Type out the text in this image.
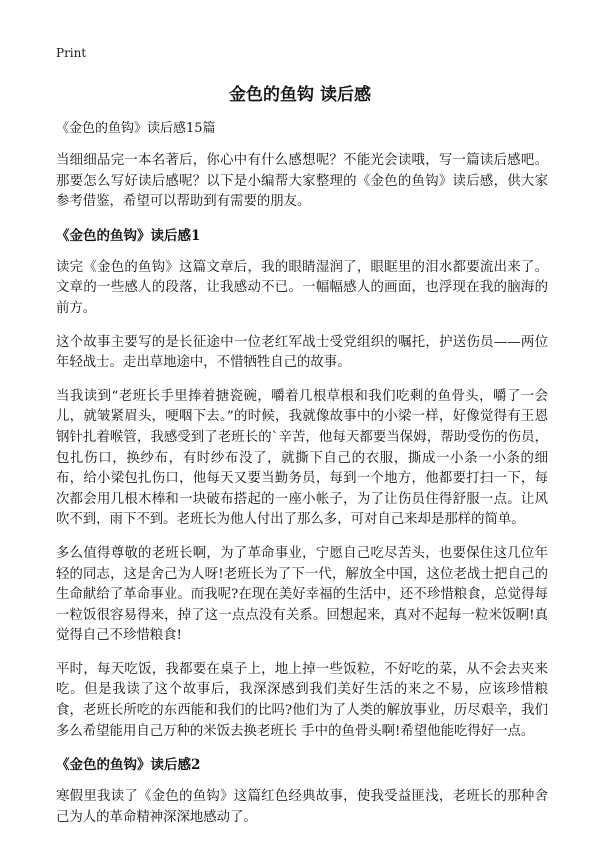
Print
金色的鱼钩 读后感
《金色的鱼钩》读后感15篇

当细细品完一本名著后，你心中有什么感想呢？不能光会读哦，写一篇读后感吧。那要怎么写好读后感呢？以下是小编帮大家整理的《金色的鱼钩》读后感，供大家参考借鉴，希望可以帮助到有需要的朋友。

《金色的鱼钩》读后感1

读完《金色的鱼钩》这篇文章后，我的眼睛湿润了，眼眶里的泪水都要流出来了。文章的一些感人的段落，让我感动不已。一幅幅感人的画面，也浮现在我的脑海的前方。

这个故事主要写的是长征途中一位老红军战士受党组织的嘱托，护送伤员——两位年轻战士。走出草地途中，不惜牺牲自己的故事。

当我读到“老班长手里捧着搪瓷碗，嚼着几根草根和我们吃剩的鱼骨头，嚼了一会儿，就皱紧眉头，哽咽下去。”的时候，我就像故事中的小梁一样，好像觉得有王恩钢针扎着喉管，我感受到了老班长的`辛苦，他每天都要当保姆，帮助受伤的伤员，包扎伤口，换纱布，有时纱布没了，就撕下自己的衣服，撕成一小条一小条的细布，给小梁包扎伤口，他每天又要当勤务员，每到一个地方，他都要打扫一下，每次都会用几根木棒和一块破布搭起的一座小帐子，为了让伤员住得舒服一点。让风吹不到，雨下不到。老班长为他人付出了那么多，可对自己来却是那样的简单。

多么值得尊敬的老班长啊，为了革命事业，宁愿自己吃尽苦头，也要保住这几位年轻的同志，这是舍己为人呀!老班长为了下一代，解放全中国，这位老战士把自己的生命献给了革命事业。而我呢?在现在美好幸福的生活中，还不珍惜粮食，总觉得每一粒饭很容易得来，掉了这一点点没有关系。回想起来，真对不起每一粒米饭啊!真觉得自己不珍惜粮食!

平时，每天吃饭，我都要在桌子上，地上掉一些饭粒，不好吃的菜，从不会去夹来吃。但是我读了这个故事后，我深深感到我们美好生活的来之不易，应该珍惜粮食，老班长所吃的东西能和我们的比吗?他们为了人类的解放事业，历尽艰辛，我们多么希望能用自己万种的米饭去换老班长 手中的鱼骨头啊!希望他能吃得好一点。

《金色的鱼钩》读后感2

寒假里我读了《金色的鱼钩》这篇红色经典故事，使我受益匪浅，老班长的那种舍己为人的革命精神深深地感动了。
